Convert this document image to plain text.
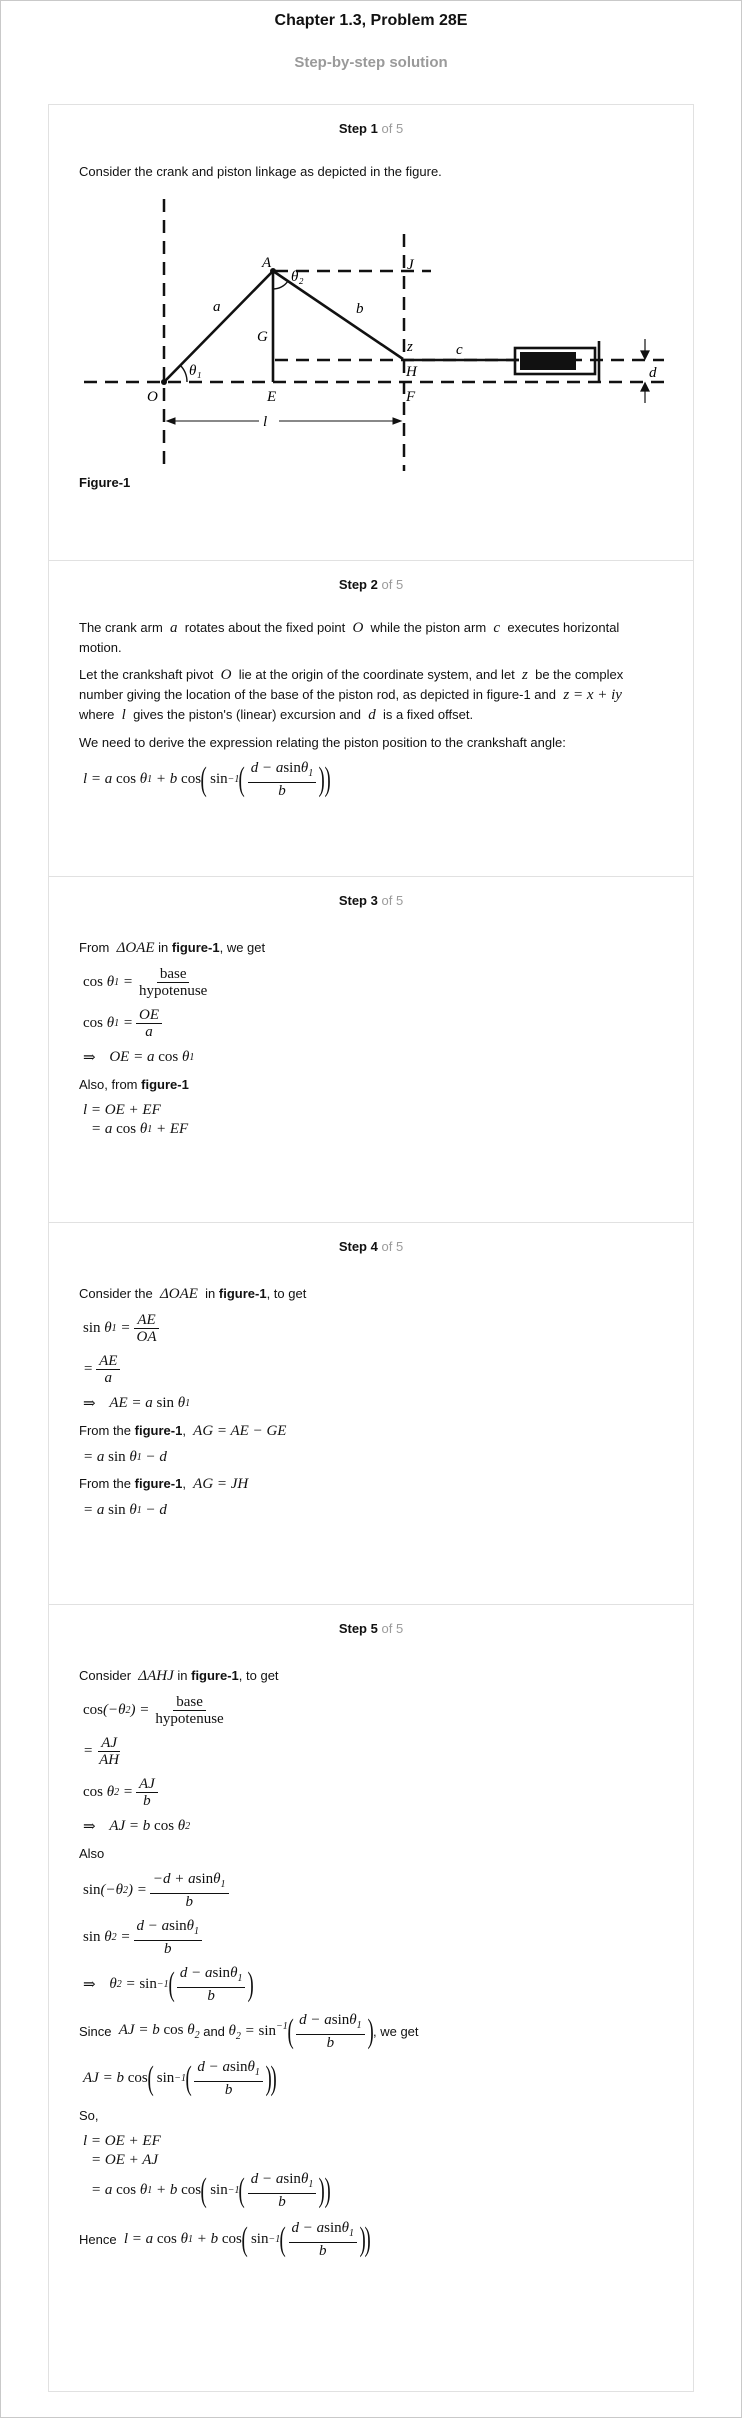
Chapter 1.3, Problem 28E
Step-by-step solution
Step 1 of 5

Consider the crank and piston linkage as depicted in the figure.

A	J
θ₂
a	b
G
z	c
θ₁	H	d
O	E	F
l
Figure-1
Step 2 of 5

The crank arm a rotates about the fixed point O while the piston arm c executes horizontal motion.

Let the crankshaft pivot O lie at the origin of the coordinate system, and let z be the complex number giving the location of the base of the piston rod, as depicted in figure-1 and  z = x + iy  where l gives the piston's (linear) excursion and d is a fixed offset.

We need to derive the expression relating the piston position to the crankshaft angle:

l = a cos θ 1 + b cos ( sin −1 ( $\frac{d - asin\theta_1}{b}$ ) )
Step 3 of 5

From ΔOAE in figure-1, we get

cos θ $1 = \frac{\text{base}}{\text{hypotenuse}}$
cos θ $1 = \frac{OE}{a}$
⇒ OE = a cos θ 1

Also, from figure-1

l = OE + EF
= a cos θ 1 + EF
Step 4 of 5

Consider the ΔOAE in figure-1, to get

sin θ $1 = \frac{AE}{OA}$
= $\frac{AE}{a}$
⇒ AE = a sin θ 1

From the figure-1,  AG = AE − GE

= a sin θ 1 − d

From the figure-1,  AG = JH

= a sin θ 1 − d
Step 5 of 5

Consider ΔAHJ in figure-1, to get

cos (−θ 2 ) = $\frac{\text{base}}{\text{hypotenuse}}$
= $\frac{AJ}{AH}$
cos θ $2 = \frac{AJ}{b}$
⇒ AJ = b cos θ 2

Also

sin (−θ 2 ) = $\frac{-d + asin\theta_1}{b}$
sin θ $2 = \frac{d - asin\theta_1}{b}$
⇒ θ 2 = sin −1 ( $\frac{d - asin\theta_1}{b}$ )
Since
AJ = b $\cos \theta_2$
and
$\theta_2 = \sin^{-1}$ ( $\frac{d - asin\theta_1}{b}$ ) , we get
AJ = b cos ( sin −1 ( $\frac{d - asin\theta_1}{b}$ ) )

So,

l = OE + EF
= OE + AJ
= a cos θ 1 + b cos ( sin −1 ( $\frac{d - asin\theta_1}{b}$ ) )
Hence
l = a cos θ 1 + b cos ( sin −1 ( $\frac{d - asin\theta_1}{b}$ ) )
